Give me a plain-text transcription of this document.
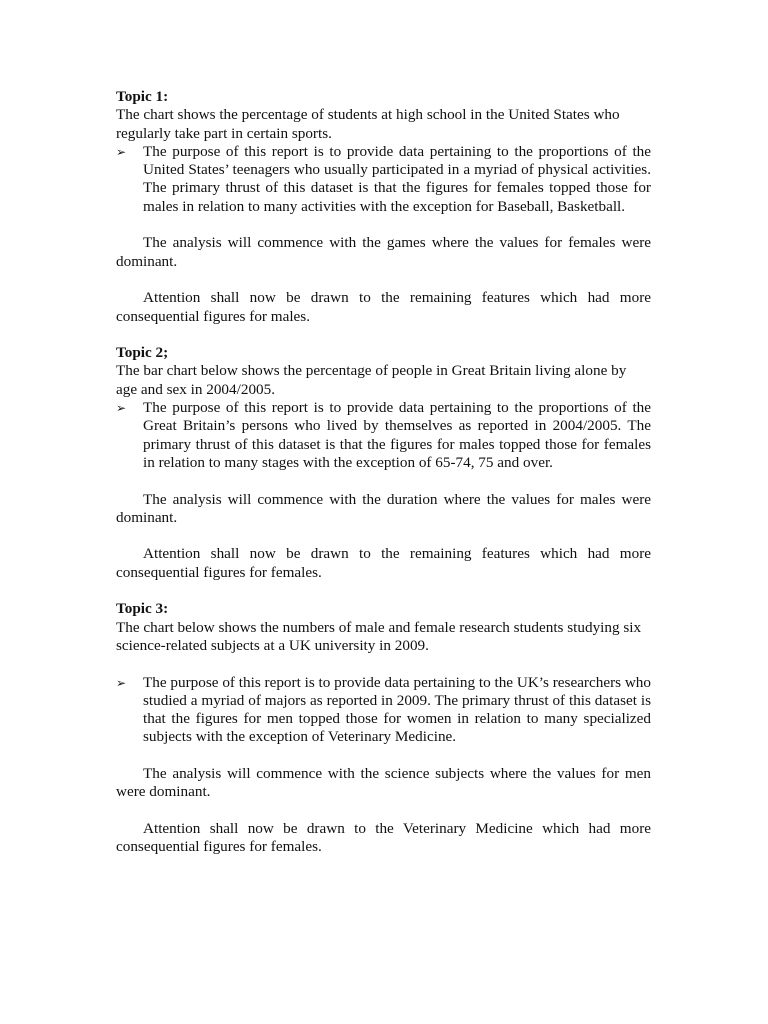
Topic 1:
The chart shows the percentage of students at high school in the United States who regularly take part in certain sports.
➢	The purpose of this report is to provide data pertaining to the proportions of the United States’ teenagers who usually participated in a myriad of physical activities. The primary thrust of this dataset is that the figures for females topped those for males in relation to many activities with the exception for Baseball, Basketball.

The analysis will commence with the games where the values for females were dominant.

Attention shall now be drawn to the remaining features which had more consequential figures for males.

Topic 2;
The bar chart below shows the percentage of people in Great Britain living alone by age and sex in 2004/2005.
➢	The purpose of this report is to provide data pertaining to the proportions of the Great Britain’s persons who lived by themselves as reported in 2004/2005. The primary thrust of this dataset is that the figures for males topped those for females in relation to many stages with the exception of 65-74, 75 and over.

The analysis will commence with the duration where the values for males were dominant.

Attention shall now be drawn to the remaining features which had more consequential figures for females.

Topic 3:
The chart below shows the numbers of male and female research students studying six science-related subjects at a UK university in 2009.
➢	The purpose of this report is to provide data pertaining to the UK’s researchers who studied a myriad of majors as reported in 2009. The primary thrust of this dataset is that the figures for men topped those for women in relation to many specialized subjects with the exception of Veterinary Medicine.

The analysis will commence with the science subjects where the values for men were dominant.

Attention shall now be drawn to the Veterinary Medicine which had more consequential figures for females.
